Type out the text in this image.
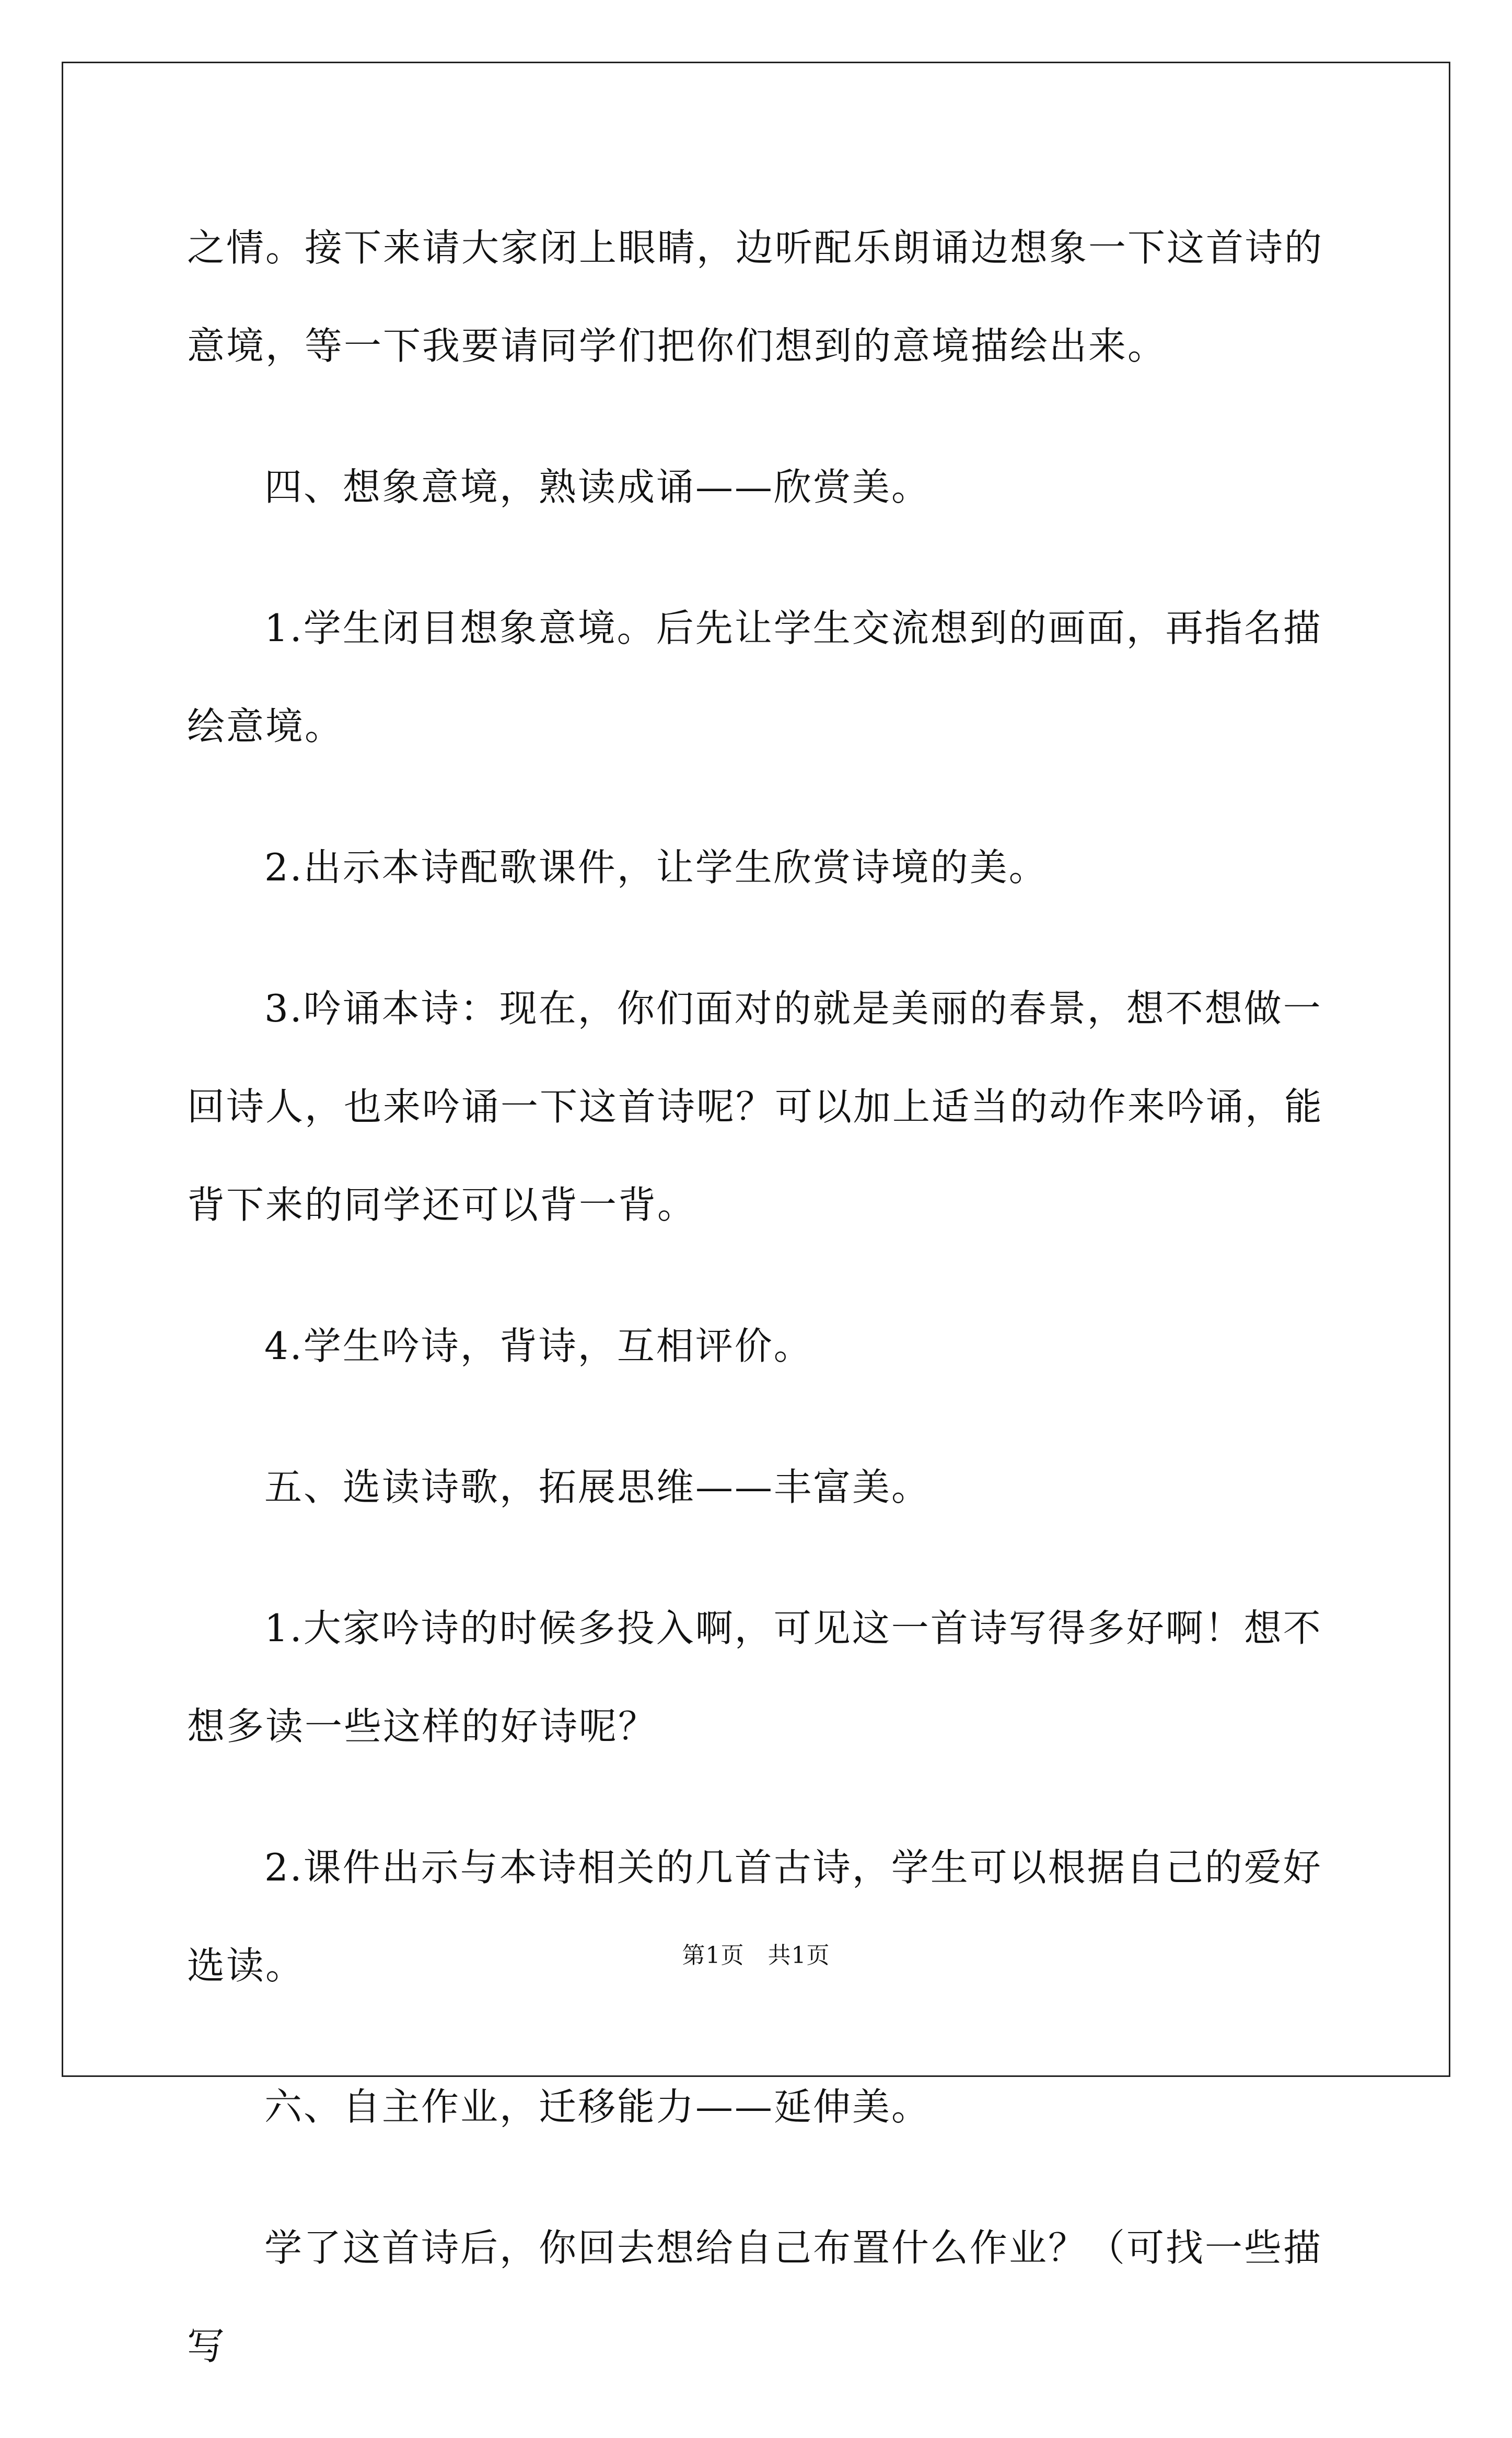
之情。接下来请大家闭上眼睛，边听配乐朗诵边想象一下这首诗的意境，等一下我要请同学们把你们想到的意境描绘出来。

四、想象意境，熟读成诵——欣赏美。

1.学生闭目想象意境。后先让学生交流想到的画面，再指名描绘意境。

2.出示本诗配歌课件，让学生欣赏诗境的美。

3.吟诵本诗：现在，你们面对的就是美丽的春景，想不想做一回诗人，也来吟诵一下这首诗呢？可以加上适当的动作来吟诵，能背下来的同学还可以背一背。

4.学生吟诗，背诗，互相评价。

五、选读诗歌，拓展思维——丰富美。

1.大家吟诗的时候多投入啊，可见这一首诗写得多好啊！想不想多读一些这样的好诗呢？

2.课件出示与本诗相关的几首古诗，学生可以根据自己的爱好选读。

六、自主作业，迁移能力——延伸美。

学了这首诗后，你回去想给自己布置什么作业？（可找一些描写

第1页 共1页
